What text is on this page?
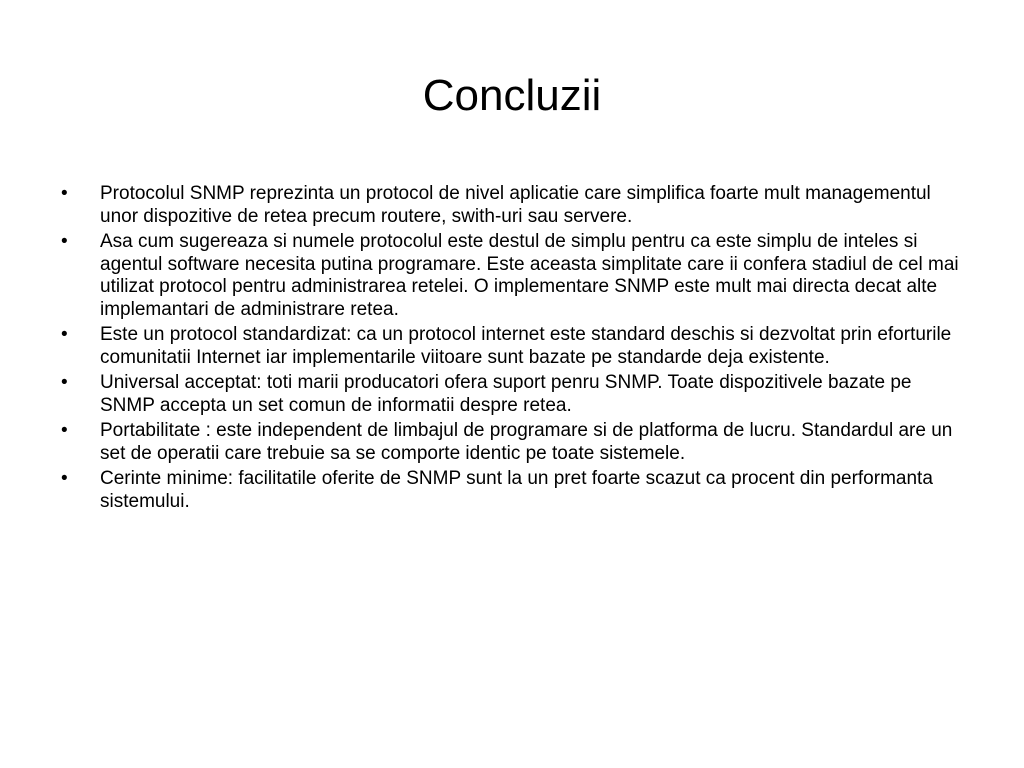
Concluzii
• Protocolul SNMP reprezinta un protocol de nivel aplicatie care simplifica foarte mult managementul unor dispozitive de retea precum routere, swith-uri sau servere.
• Asa cum sugereaza si numele protocolul este destul de simplu pentru ca este simplu de inteles si agentul software necesita putina programare. Este aceasta simplitate care ii confera stadiul de cel mai utilizat protocol pentru administrarea retelei. O implementare SNMP este mult mai directa decat alte implemantari de administrare retea.
• Este un protocol standardizat: ca un protocol internet este standard deschis si dezvoltat prin eforturile comunitatii Internet iar implementarile viitoare sunt bazate pe standarde deja existente.
• Universal acceptat: toti marii producatori ofera suport penru SNMP. Toate dispozitivele bazate pe SNMP accepta un set comun de informatii despre retea.
• Portabilitate : este independent de limbajul de programare si de platforma de lucru. Standardul are un set de operatii care trebuie sa se comporte identic pe toate sistemele.
• Cerinte minime: facilitatile oferite de SNMP sunt la un pret foarte scazut ca procent din performanta sistemului.
